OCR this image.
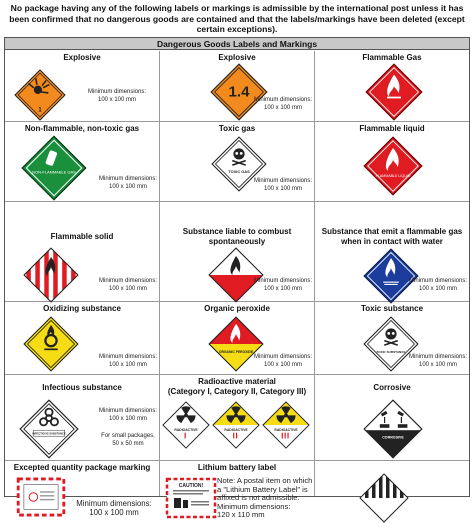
No package having any of the following labels or markings is admissible by the international post unless it has been confirmed that no dangerous goods are contained and that the labels/markings have been deleted (except certain exceptions).
Dangerous Goods Labels and Markings
Explosive
1
Minimum dimensions:
100 x 100 mm
Explosive
1.4 Minimum dimensions:
100 x 100 mm
Flammable Gas
Non-flammable, non-toxic gas
NON-FLAMMABLE GAS
Minimum dimensions:
100 x 100 mm
Toxic gas
TOXIC GAS
Minimum dimensions:
100 x 100 mm
Flammable liquid
FLAMMABLE LIQUID
Flammable solid
Minimum dimensions:
100 x 100 mm
Substance liable to combust spontaneously
Minimum dimensions:
100 x 100 mm
Substance that emit a flammable gas when in contact with water
Minimum dimensions:
100 x 100 mm
Oxidizing substance
Minimum dimensions:
100 x 100 mm
Organic peroxide
ORGANIC PEROXIDE
Minimum dimensions:
100 x 100 mm
Toxic substance
TOXIC SUBSTANCE
Minimum dimensions:
100 x 100 mm
Infectious substance
INFECTIOUS SUBSTANCE
Minimum dimensions:
100 x 100 mm
For small packages,
50 x 50 mm
Radioactive material
(Category I, Category II, Category III)
RADIOACTIVE	RADIOACTIVE	RADIOACTIVE
Corrosive
CORROSIVE
Excepted quantity package marking
Minimum dimensions:
100 x 100 mm
Lithium battery label
CAUTION!
Note: A postal item on which a "Lithium Battery Label" is affixed is not admissible.
Minimum dimensions:
120 x 110 mm
